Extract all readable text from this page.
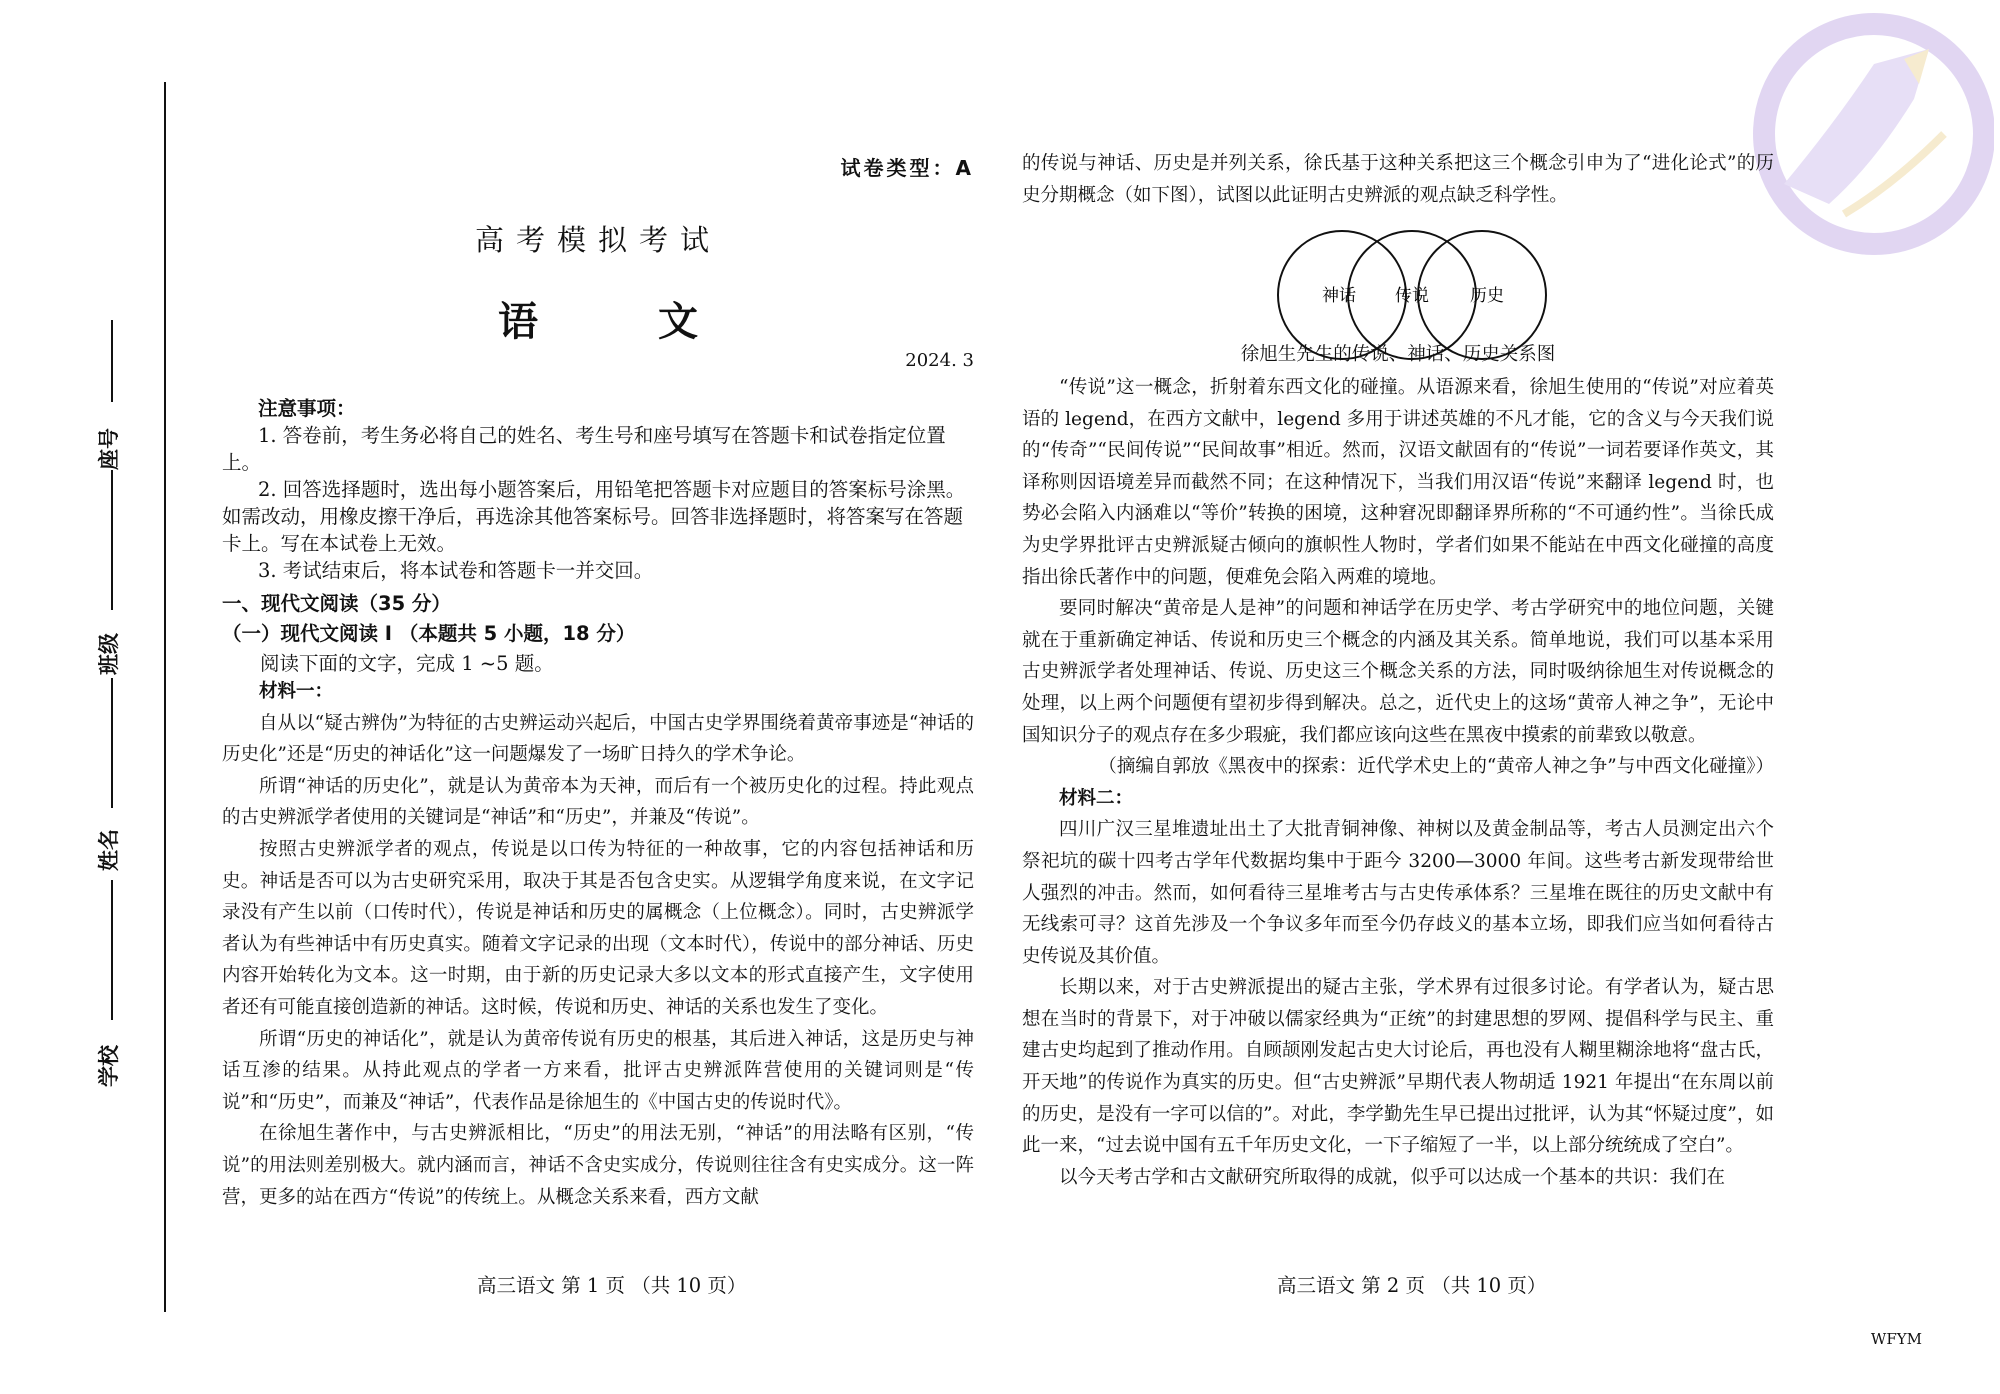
座号
班级
姓名
学校
试卷类型：A
高考模拟考试
语文
2024. 3
注意事项：

1. 答卷前，考生务必将自己的姓名、考生号和座号填写在答题卡和试卷指定位置上。

2. 回答选择题时，选出每小题答案后，用铅笔把答题卡对应题目的答案标号涂黑。如需改动，用橡皮擦干净后，再选涂其他答案标号。回答非选择题时，将答案写在答题卡上。写在本试卷上无效。

3. 考试结束后，将本试卷和答题卡一并交回。

一、现代文阅读（35 分）
（一）现代文阅读 I （本题共 5 小题，18 分）
阅读下面的文字，完成 1 ~5 题。

材料一：

自从以“疑古辨伪”为特征的古史辨运动兴起后，中国古史学界围绕着黄帝事迹是“神话的历史化”还是“历史的神话化”这一问题爆发了一场旷日持久的学术争论。

所谓“神话的历史化”，就是认为黄帝本为天神，而后有一个被历史化的过程。持此观点的古史辨派学者使用的关键词是“神话”和“历史”，并兼及“传说”。

按照古史辨派学者的观点，传说是以口传为特征的一种故事，它的内容包括神话和历史。神话是否可以为古史研究采用，取决于其是否包含史实。从逻辑学角度来说，在文字记录没有产生以前（口传时代），传说是神话和历史的属概念（上位概念）。同时，古史辨派学者认为有些神话中有历史真实。随着文字记录的出现（文本时代），传说中的部分神话、历史内容开始转化为文本。这一时期，由于新的历史记录大多以文本的形式直接产生，文字使用者还有可能直接创造新的神话。这时候，传说和历史、神话的关系也发生了变化。

所谓“历史的神话化”，就是认为黄帝传说有历史的根基，其后进入神话，这是历史与神话互渗的结果。从持此观点的学者一方来看，批评古史辨派阵营使用的关键词则是“传说”和“历史”，而兼及“神话”，代表作品是徐旭生的《中国古史的传说时代》。

在徐旭生著作中，与古史辨派相比，“历史”的用法无别，“神话”的用法略有区别，“传说”的用法则差别极大。就内涵而言，神话不含史实成分，传说则往往含有史实成分。这一阵营，更多的站在西方“传说”的传统上。从概念关系来看，西方文献

高三语文 第 1 页 （共 10 页）

的传说与神话、历史是并列关系，徐氏基于这种关系把这三个概念引申为了“进化论式”的历史分期概念（如下图），试图以此证明古史辨派的观点缺乏科学性。

神话 传说 历史
徐旭生先生的传说、神话、历史关系图

“传说”这一概念，折射着东西文化的碰撞。从语源来看，徐旭生使用的“传说”对应着英语的 legend，在西方文献中，legend 多用于讲述英雄的不凡才能，它的含义与今天我们说的“传奇”“民间传说”“民间故事”相近。然而，汉语文献固有的“传说”一词若要译作英文，其译称则因语境差异而截然不同；在这种情况下，当我们用汉语“传说”来翻译 legend 时，也势必会陷入内涵难以“等价”转换的困境，这种窘况即翻译界所称的“不可通约性”。当徐氏成为史学界批评古史辨派疑古倾向的旗帜性人物时，学者们如果不能站在中西文化碰撞的高度指出徐氏著作中的问题，便难免会陷入两难的境地。

要同时解决“黄帝是人是神”的问题和神话学在历史学、考古学研究中的地位问题，关键就在于重新确定神话、传说和历史三个概念的内涵及其关系。简单地说，我们可以基本采用古史辨派学者处理神话、传说、历史这三个概念关系的方法，同时吸纳徐旭生对传说概念的处理，以上两个问题便有望初步得到解决。总之，近代史上的这场“黄帝人神之争”，无论中国知识分子的观点存在多少瑕疵，我们都应该向这些在黑夜中摸索的前辈致以敬意。

（摘编自郭放《黑夜中的探索：近代学术史上的“黄帝人神之争”与中西文化碰撞》）

材料二：

四川广汉三星堆遗址出土了大批青铜神像、神树以及黄金制品等，考古人员测定出六个祭祀坑的碳十四考古学年代数据均集中于距今 3200—3000 年间。这些考古新发现带给世人强烈的冲击。然而，如何看待三星堆考古与古史传承体系？三星堆在既往的历史文献中有无线索可寻？这首先涉及一个争议多年而至今仍存歧义的基本立场，即我们应当如何看待古史传说及其价值。

长期以来，对于古史辨派提出的疑古主张，学术界有过很多讨论。有学者认为，疑古思想在当时的背景下，对于冲破以儒家经典为“正统”的封建思想的罗网、提倡科学与民主、重建古史均起到了推动作用。自顾颉刚发起古史大讨论后，再也没有人糊里糊涂地将“盘古氏，开天地”的传说作为真实的历史。但“古史辨派”早期代表人物胡适 1921 年提出“在东周以前的历史，是没有一字可以信的”。对此，李学勤先生早已提出过批评，认为其“怀疑过度”，如此一来，“过去说中国有五千年历史文化，一下子缩短了一半，以上部分统统成了空白”。

以今天考古学和古文献研究所取得的成就，似乎可以达成一个基本的共识：我们在

高三语文 第 2 页 （共 10 页）
WFYM
